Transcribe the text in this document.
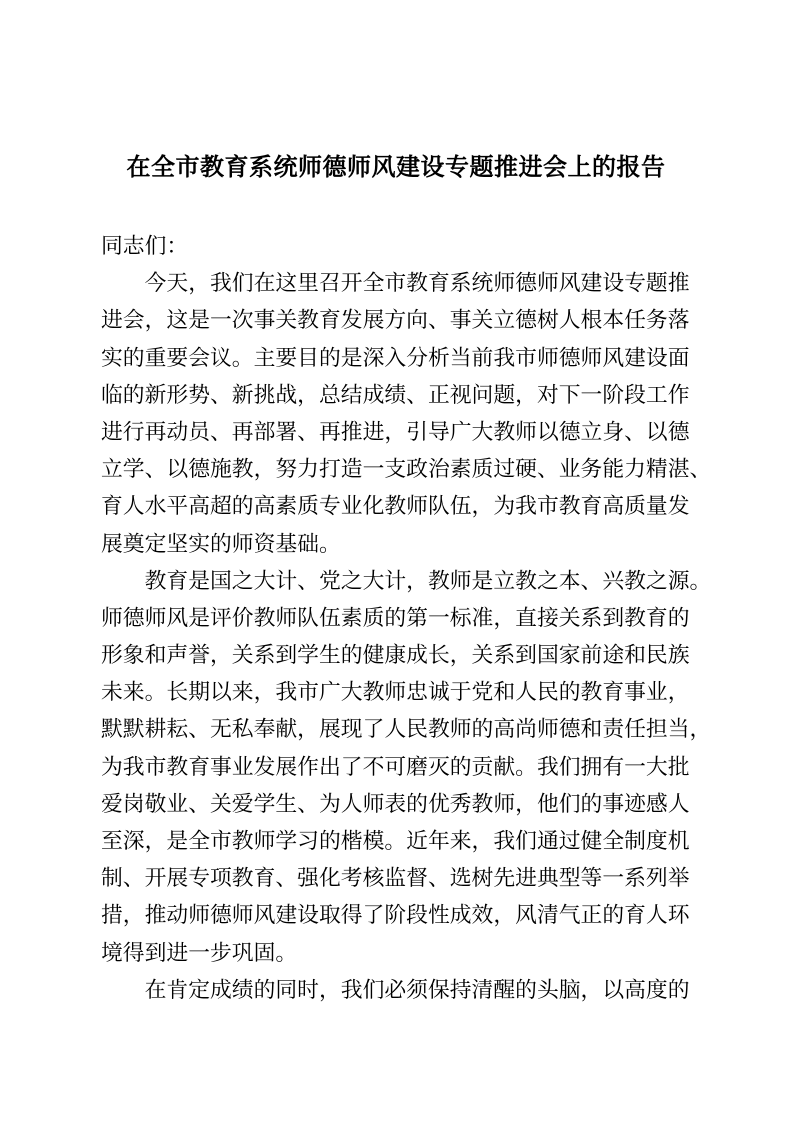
在全市教育系统师德师风建设专题推进会上的报告
同志们：
今天，我们在这里召开全市教育系统师德师风建设专题推
进会，这是一次事关教育发展方向、事关立德树人根本任务落
实的重要会议。主要目的是深入分析当前我市师德师风建设面
临的新形势、新挑战，总结成绩、正视问题，对下一阶段工作
进行再动员、再部署、再推进，引导广大教师以德立身、以德
立学、以德施教，努力打造一支政治素质过硬、业务能力精湛、
育人水平高超的高素质专业化教师队伍，为我市教育高质量发
展奠定坚实的师资基础。
教育是国之大计、党之大计，教师是立教之本、兴教之源。
师德师风是评价教师队伍素质的第一标准，直接关系到教育的
形象和声誉，关系到学生的健康成长，关系到国家前途和民族
未来。长期以来，我市广大教师忠诚于党和人民的教育事业，
默默耕耘、无私奉献，展现了人民教师的高尚师德和责任担当，
为我市教育事业发展作出了不可磨灭的贡献。我们拥有一大批
爱岗敬业、关爱学生、为人师表的优秀教师，他们的事迹感人
至深，是全市教师学习的楷模。近年来，我们通过健全制度机
制、开展专项教育、强化考核监督、选树先进典型等一系列举
措，推动师德师风建设取得了阶段性成效，风清气正的育人环
境得到进一步巩固。
在肯定成绩的同时，我们必须保持清醒的头脑，以高度的
